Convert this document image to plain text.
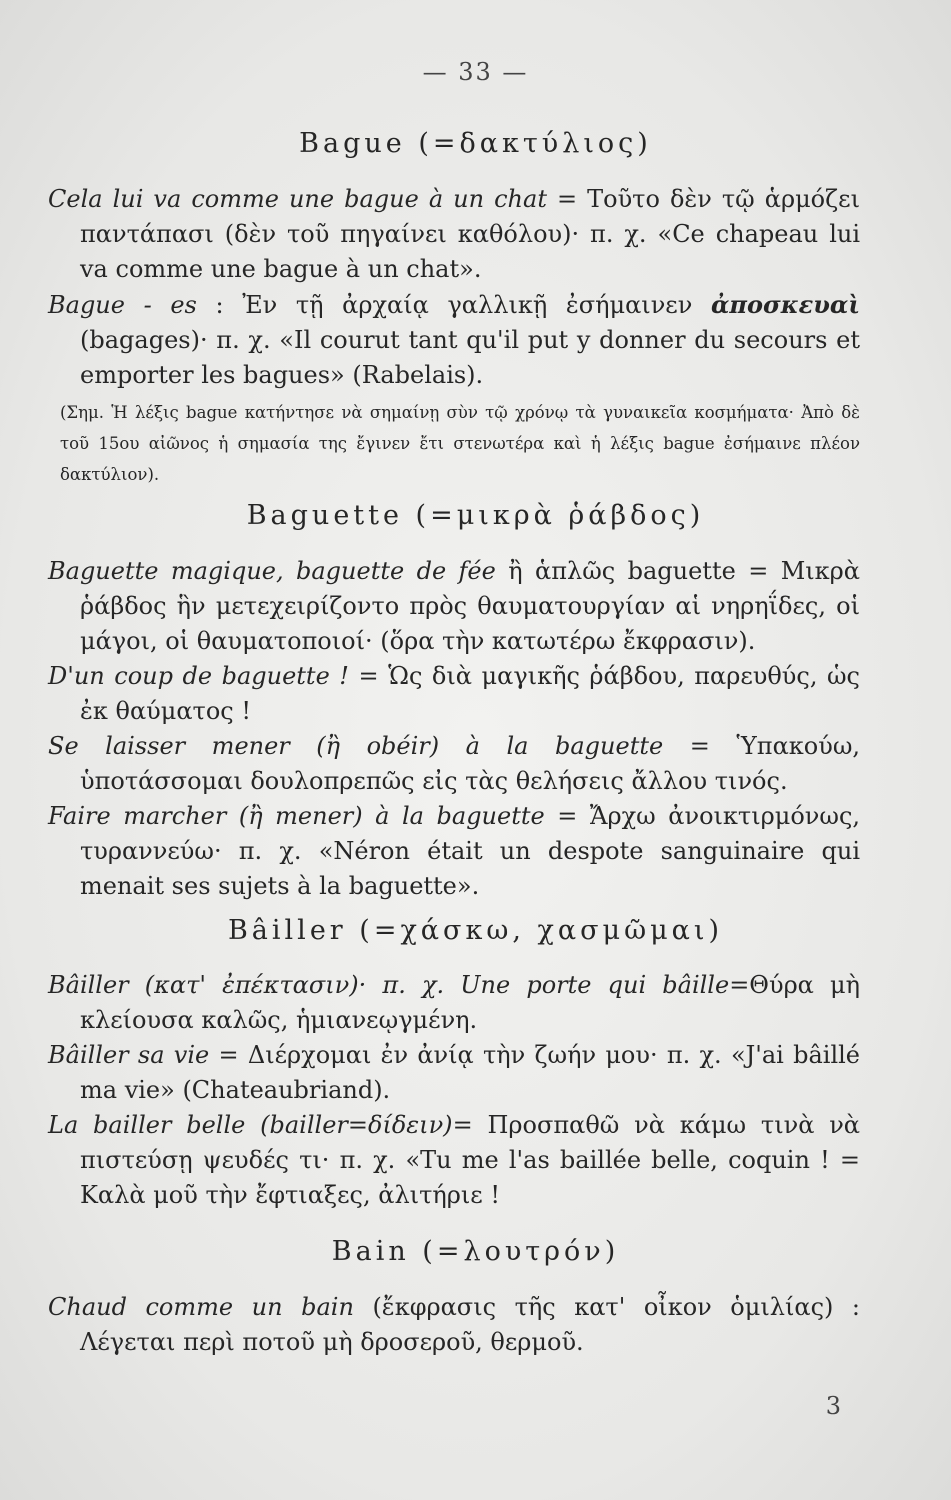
— 33 —
Bague (=δακτύλιος)

Cela lui va comme une bague à un chat = Τοῦτο δὲν τῷ ἁρμόζει παντάπασι (δὲν τοῦ πηγαίνει καθόλου)· π. χ. «Ce chapeau lui va comme une bague à un chat».

Bague - es : Ἐν τῇ ἀρχαίᾳ γαλλικῇ ἐσήμαινεν ἀποσκευαὶ (bagages)· π. χ. «Il courut tant qu'il put y donner du secours et emporter les bagues» (Rabelais).

(Σημ. Ἡ λέξις bague κατήντησε νὰ σημαίνῃ σὺν τῷ χρόνῳ τὰ γυναικεῖα κοσμήματα· Ἀπὸ δὲ τοῦ 15ου αἰῶνος ἡ σημασία της ἔγινεν ἔτι στενωτέρα καὶ ἡ λέξις bague ἐσήμαινε πλέον δακτύλιον).
Baguette (=μικρὰ ῥάβδος)

Baguette magique, baguette de fée ἢ ἁπλῶς baguette = Μικρὰ ῥάβδος ἣν μετεχειρίζοντο πρὸς θαυματουργίαν αἱ νηρηΐδες, οἱ μάγοι, οἱ θαυματοποιοί· (ὅρα τὴν κατωτέρω ἔκφρασιν).

D'un coup de baguette ! = Ὡς διὰ μαγικῆς ῥάβδου, παρευθύς, ὡς ἐκ θαύματος !

Se laisser mener (ἢ obéir) à la baguette = Ὑπακούω, ὑποτάσσομαι δουλοπρεπῶς εἰς τὰς θελήσεις ἄλλου τινός.

Faire marcher (ἢ mener) à la baguette = Ἄρχω ἀνοικτιρμόνως, τυραννεύω· π. χ. «Néron était un despote sanguinaire qui menait ses sujets à la baguette».

Bâiller (=χάσκω, χασμῶμαι)

Bâiller (κατ' ἐπέκτασιν)· π. χ. Une porte qui bâille=Θύρα μὴ κλείουσα καλῶς, ἡμιανεῳγμένη.

Bâiller sa vie = Διέρχομαι ἐν ἀνίᾳ τὴν ζωήν μου· π. χ. «J'ai bâillé ma vie» (Chateaubriand).

La bailler belle (bailler=δίδειν)= Προσπαθῶ νὰ κάμω τινὰ νὰ πιστεύσῃ ψευδές τι· π. χ. «Tu me l'as baillée belle, coquin ! = Καλὰ μοῦ τὴν ἔφτιαξες, ἀλιτήριε !

Bain (=λουτρόν)

Chaud comme un bain (ἔκφρασις τῆς κατ' οἶκον ὁμιλίας) : Λέγεται περὶ ποτοῦ μὴ δροσεροῦ, θερμοῦ.

3
